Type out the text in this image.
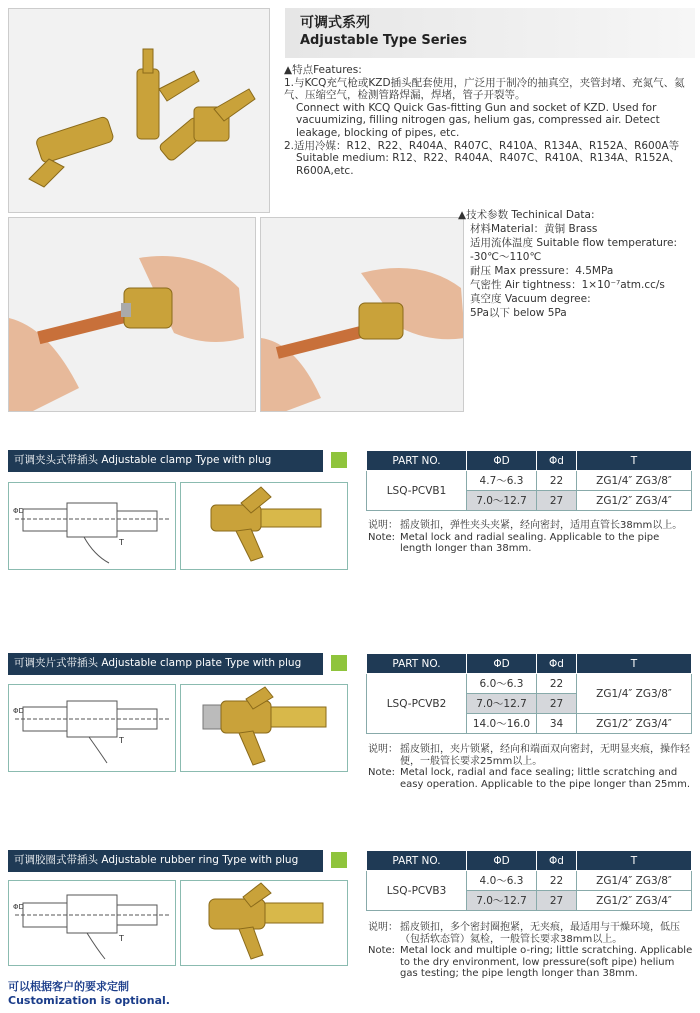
可调式系列
Adjustable Type Series
▲特点Features:
1.与KCQ充气枪或KZD插头配套使用，广泛用于制冷的抽真空，夹管封堵、充氮气、氦气、压缩空气，检测管路焊漏，焊堵，管子开裂等。
Connect with KCQ Quick Gas-fitting Gun and socket of KZD. Used for vacuumizing, filling nitrogen gas, helium gas, compressed air. Detect leakage, blocking of pipes, etc.
2.适用冷媒：R12、R22、R404A、R407C、R410A、R134A、R152A、R600A等
Suitable medium: R12、R22、R404A、R407C、R410A、R134A、R152A、R600A,etc.
▲技术参数 Techinical Data:
材料Material：黄铜 Brass
适用流体温度 Suitable flow temperature:
-30℃～110℃
耐压 Max pressure：4.5MPa
气密性 Air tightness：1×10⁻⁷atm.cc/s
真空度 Vacuum degree:
5Pa以下 below 5Pa
可调夹头式带插头 Adjustable clamp Type with plug
ΦD
T
PART NO.	ΦD	Φd	T
LSQ-PCVB1	4.7～6.3	22	ZG1/4″ ZG3/8″
	7.0～12.7	27	ZG1/2″ ZG3/4″
说明： 摇皮锁扣，弹性夹头夹紧，经向密封，适用直管长38mm以上。
Note: Metal lock and radial sealing. Applicable to the pipe length longer than 38mm.
可调夹片式带插头 Adjustable clamp plate Type with plug
ΦD
T
PART NO.	ΦD	Φd	T
LSQ-PCVB2	6.0～6.3	22	ZG1/4″ ZG3/8″
	7.0～12.7	27	
	14.0～16.0	34	ZG1/2″ ZG3/4″
说明： 摇皮锁扣，夹片锁紧，经向和端面双向密封，无明显夹痕，操作轻便，一般管长要求25mm以上。
Note: Metal lock, radial and face sealing; little scratching and easy operation. Applicable to the pipe longer than 25mm.
可调胶圈式带插头 Adjustable rubber ring Type with plug
ΦD
T
PART NO.	ΦD	Φd	T
LSQ-PCVB3	4.0～6.3	22	ZG1/4″ ZG3/8″
	7.0～12.7	27	ZG1/2″ ZG3/4″
说明： 摇皮锁扣，多个密封圈抱紧，无夹痕，最适用与干燥环境，低压（包括软态管）氦检，一般管长要求38mm以上。
Note: Metal lock and multiple o-ring; little scratching. Applicable to the dry environment, low pressure(soft pipe) helium gas testing; the pipe length longer than 38mm.
可以根据客户的要求定制
Customization is optional.
